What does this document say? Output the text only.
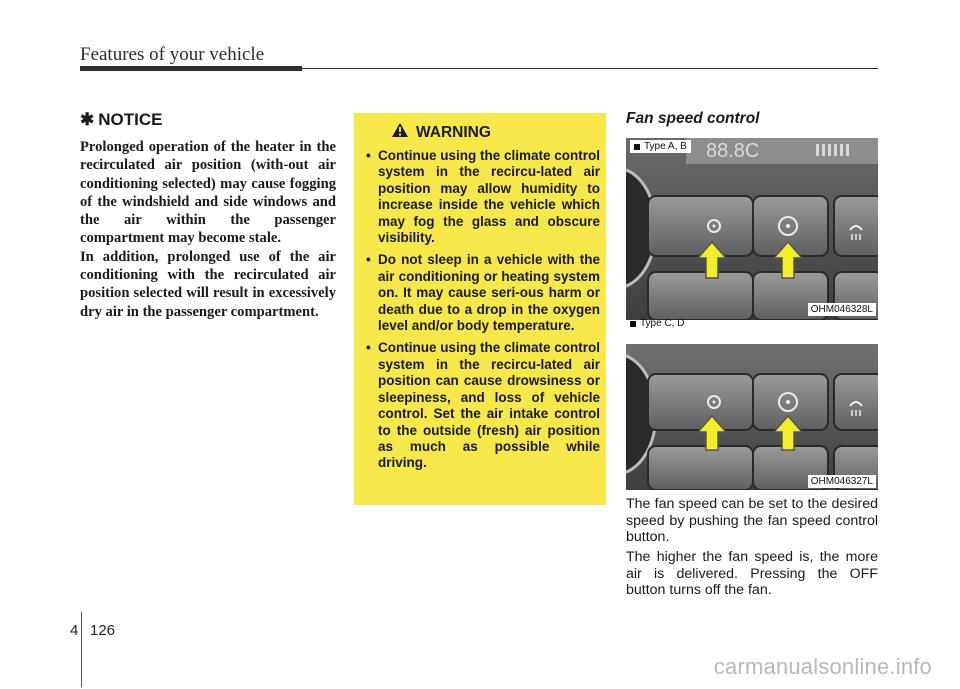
Features of your vehicle
✱ NOTICE

Prolonged operation of the heater in the recirculated air position (with-out air conditioning selected) may cause fogging of the windshield and side windows and the air within the passenger compartment may become stale.
In addition, prolonged use of the air conditioning with the recirculated air position selected will result in excessively dry air in the passenger compartment.

WARNING
• Continue using the climate control system in the recircu-lated air position may allow humidity to increase inside the vehicle which may fog the glass and obscure visibility.
• Do not sleep in a vehicle with the air conditioning or heating system on. It may cause seri-ous harm or death due to a drop in the oxygen level and/or body temperature.
• Continue using the climate control system in the recircu-lated air position can cause drowsiness or sleepiness, and loss of vehicle control. Set the air intake control to the outside (fresh) air position as much as possible while driving.

Fan speed control

88.8C
Type A, B
OHM046328L
Type C, D
OHM046327L

The fan speed can be set to the desired speed by pushing the fan speed control button.

The higher the fan speed is, the more air is delivered. Pressing the OFF button turns off the fan.

4 126
carmanualsonline.info
